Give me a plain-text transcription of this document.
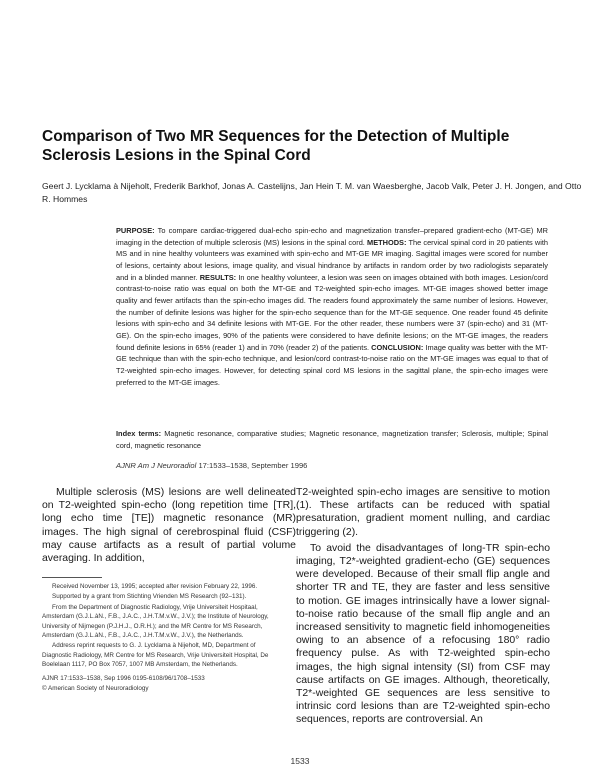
Comparison of Two MR Sequences for the Detection of Multiple Sclerosis Lesions in the Spinal Cord
Geert J. Lycklama à Nijeholt, Frederik Barkhof, Jonas A. Castelijns, Jan Hein T. M. van Waesberghe, Jacob Valk, Peter J. H. Jongen, and Otto R. Hommes

PURPOSE: To compare cardiac-triggered dual-echo spin-echo and magnetization transfer–prepared gradient-echo (MT-GE) MR imaging in the detection of multiple sclerosis (MS) lesions in the spinal cord. METHODS: The cervical spinal cord in 20 patients with MS and in nine healthy volunteers was examined with spin-echo and MT-GE MR imaging. Sagittal images were scored for number of lesions, certainty about lesions, image quality, and visual hindrance by artifacts in random order by two radiologists separately and in a blinded manner. RESULTS: In one healthy volunteer, a lesion was seen on images obtained with both images. Lesion/cord contrast-to-noise ratio was equal on both the MT-GE and T2-weighted spin-echo images. MT-GE images showed better image quality and fewer artifacts than the spin-echo images did. The readers found approximately the same number of lesions. However, the number of definite lesions was higher for the spin-echo sequence than for the MT-GE sequence. One reader found 45 definite lesions with spin-echo and 34 definite lesions with MT-GE. For the other reader, these numbers were 37 (spin-echo) and 31 (MT-GE). On the spin-echo images, 90% of the patients were considered to have definite lesions; on the MT-GE images, the readers found definite lesions in 65% (reader 1) and in 70% (reader 2) of the patients. CONCLUSION: Image quality was better with the MT-GE technique than with the spin-echo technique, and lesion/cord contrast-to-noise ratio on the MT-GE images was equal to that of T2-weighted spin-echo images. However, for detecting spinal cord MS lesions in the sagittal plane, the spin-echo images were preferred to the MT-GE images.

Index terms: Magnetic resonance, comparative studies; Magnetic resonance, magnetization transfer; Sclerosis, multiple; Spinal cord, magnetic resonance

AJNR Am J Neuroradiol 17:1533–1538, September 1996

Multiple sclerosis (MS) lesions are well delineated on T2-weighted spin-echo (long repetition time [TR], long echo time [TE]) magnetic resonance (MR) images. The high signal of cerebrospinal fluid (CSF) may cause artifacts as a result of partial volume averaging. In addition,

T2-weighted spin-echo images are sensitive to motion (1). These artifacts can be reduced with spatial presaturation, gradient moment nulling, and cardiac triggering (2).

To avoid the disadvantages of long-TR spin-echo imaging, T2*-weighted gradient-echo (GE) sequences were developed. Because of their small flip angle and shorter TR and TE, they are faster and less sensitive to motion. GE images intrinsically have a lower signal-to-noise ratio because of the small flip angle and an increased sensitivity to magnetic field inhomogeneities owing to an absence of a refocusing 180° radio frequency pulse. As with T2-weighted spin-echo images, the high signal intensity (SI) from CSF may cause artifacts on GE images. Although, theoretically, T2*-weighted GE sequences are less sensitive to intrinsic cord lesions than are T2-weighted spin-echo sequences, reports are controversial. An

Received November 13, 1995; accepted after revision February 22, 1996.

Supported by a grant from Stichting Vrienden MS Research (92–131).

From the Department of Diagnostic Radiology, Vrije Universiteit Hospitaal, Amsterdam (G.J.L.àN., F.B., J.A.C., J.H.T.M.v.W., J.V.); the Institute of Neurology, University of Nijmegen (P.J.H.J., O.R.H.); and the MR Centre for MS Research, Amsterdam (G.J.L.àN., F.B., J.A.C., J.H.T.M.v.W., J.V.), the Netherlands.

Address reprint requests to G. J. Lycklama à Nijeholt, MD, Department of Diagnostic Radiology, MR Centre for MS Research, Vrije Universiteit Hospital, De Boelelaan 1117, PO Box 7057, 1007 MB Amsterdam, the Netherlands.

AJNR 17:1533–1538, Sep 1996 0195-6108/96/1708–1533

© American Society of Neuroradiology

1533
